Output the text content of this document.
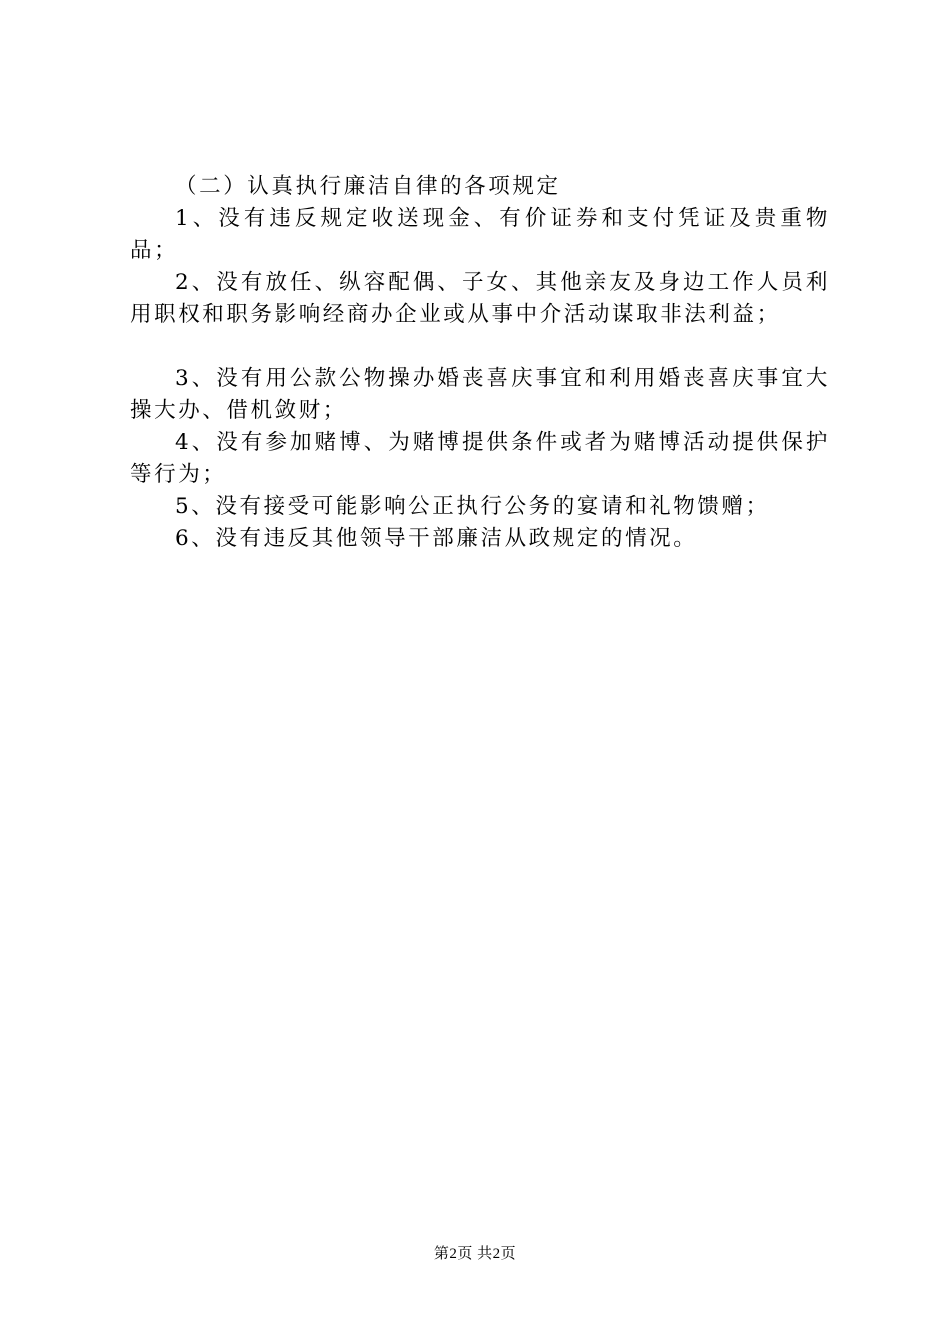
（二）认真执行廉洁自律的各项规定

1、没有违反规定收送现金、有价证券和支付凭证及贵重物品；

2、没有放任、纵容配偶、子女、其他亲友及身边工作人员利用职权和职务影响经商办企业或从事中介活动谋取非法利益；

3、没有用公款公物操办婚丧喜庆事宜和利用婚丧喜庆事宜大操大办、借机敛财；

4、没有参加赌博、为赌博提供条件或者为赌博活动提供保护等行为；

5、没有接受可能影响公正执行公务的宴请和礼物馈赠；

6、没有违反其他领导干部廉洁从政规定的情况。

第2页 共2页
